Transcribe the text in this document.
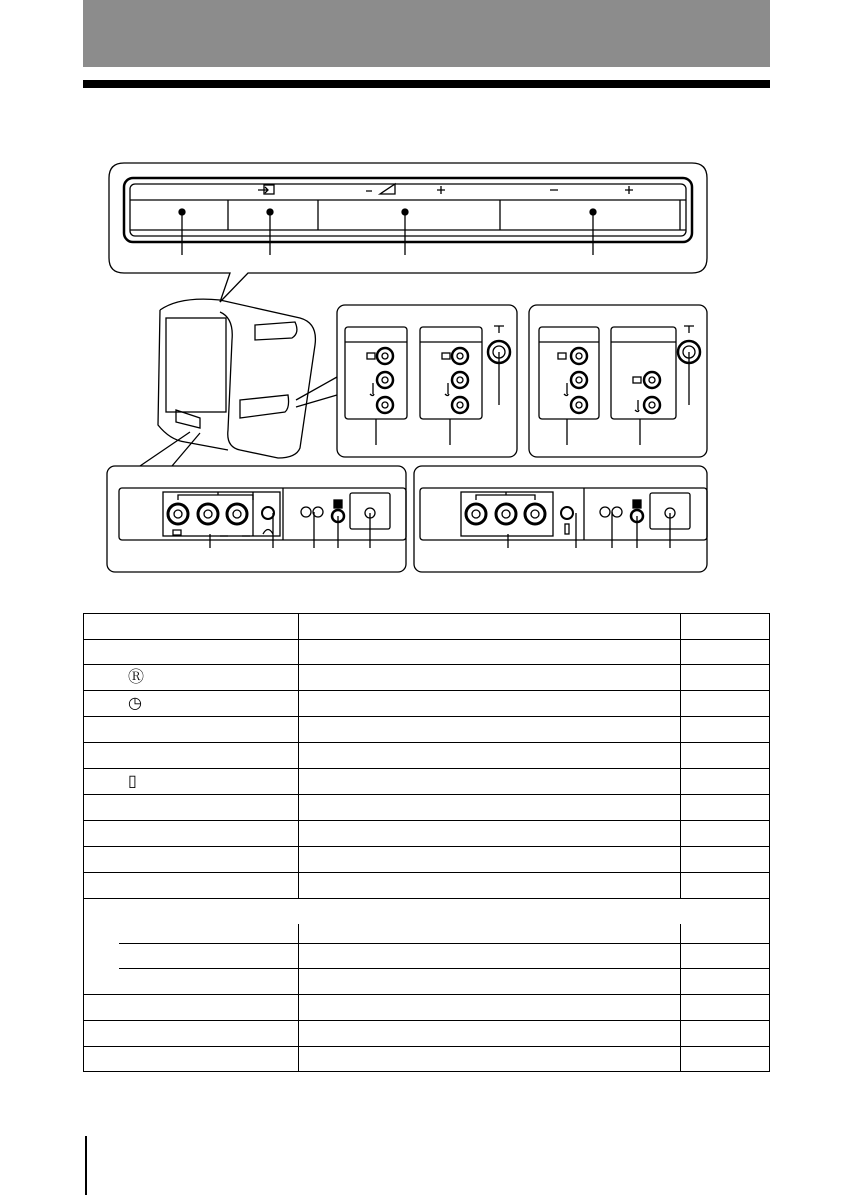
Ⓡ
◷
▯
